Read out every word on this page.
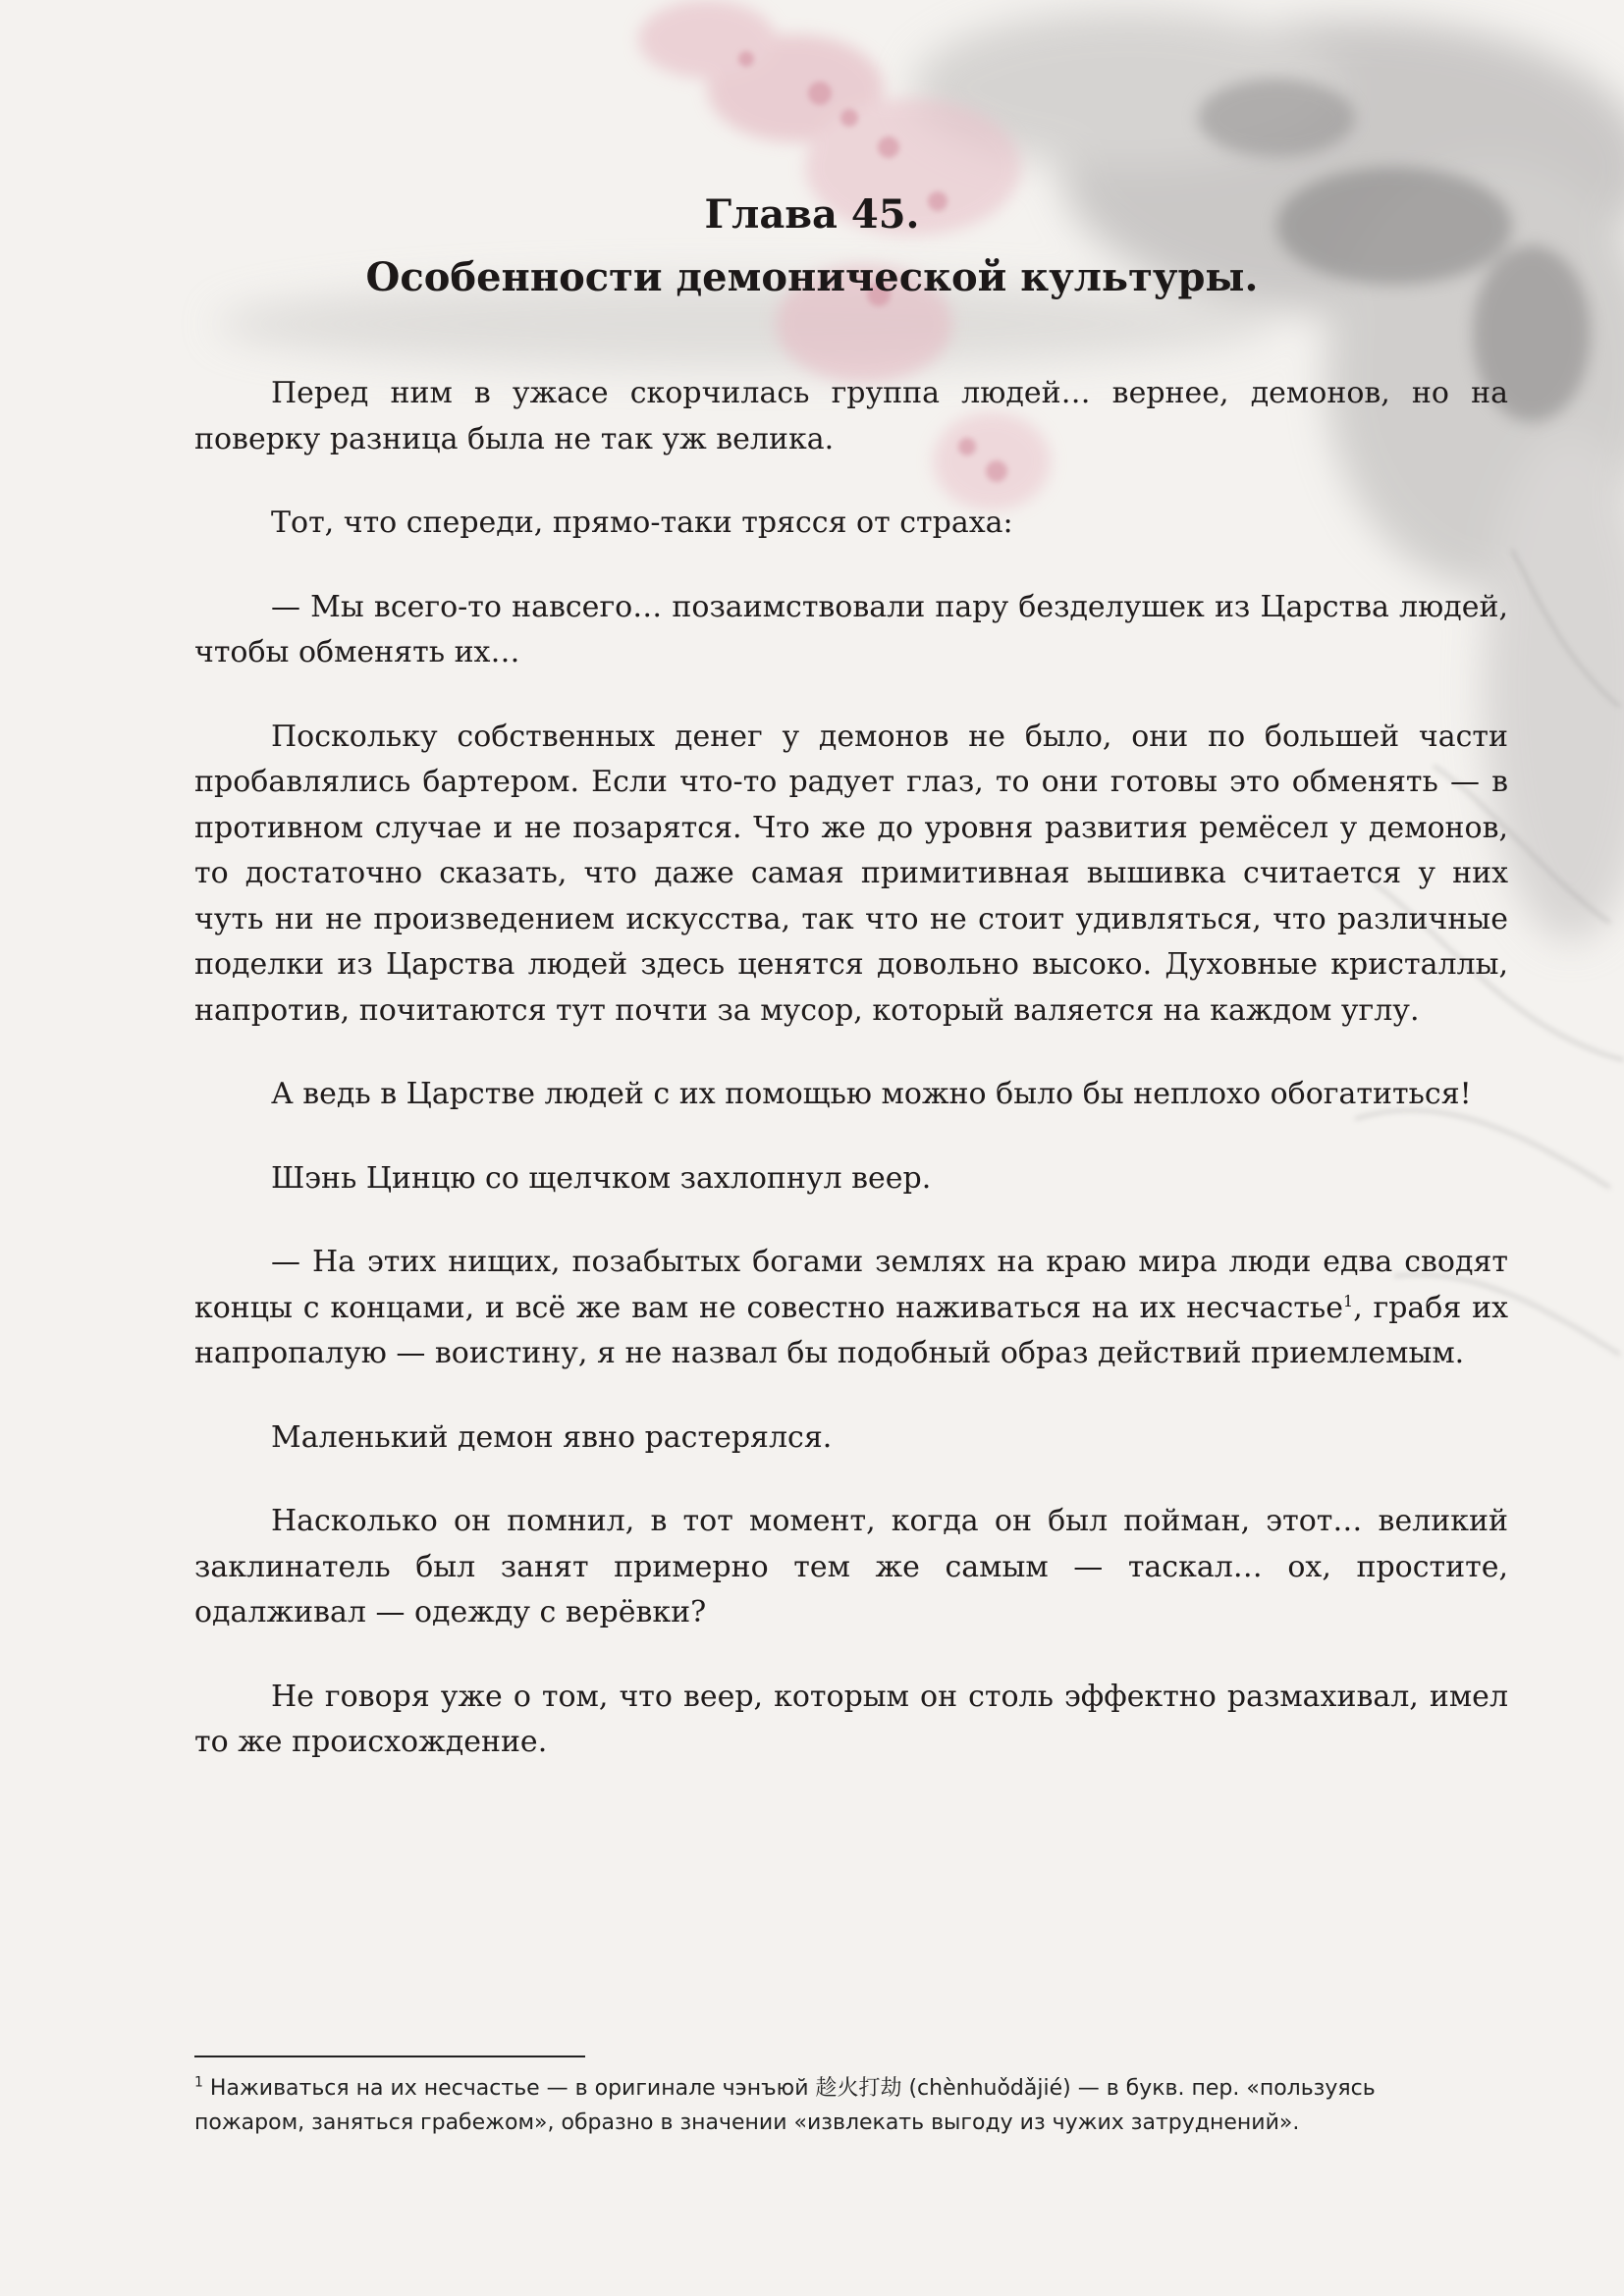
Глава 45.
Особенности демонической культуры.

Перед ним в ужасе скорчилась группа людей… вернее, демонов, но на поверку разница была не так уж велика.

Тот, что спереди, прямо-таки трясся от страха:

— Мы всего-то навсего… позаимствовали пару безделушек из Царства людей, чтобы обменять их…

Поскольку собственных денег у демонов не было, они по большей части пробавлялись бартером. Если что-то радует глаз, то они готовы это обменять — в противном случае и не позарятся. Что же до уровня развития ремёсел у демонов, то достаточно сказать, что даже самая примитивная вышивка считается у них чуть ни не произведением искусства, так что не стоит удивляться, что различные поделки из Царства людей здесь ценятся довольно высоко. Духовные кристаллы, напротив, почитаются тут почти за мусор, который валяется на каждом углу.

А ведь в Царстве людей с их помощью можно было бы неплохо обогатиться!

Шэнь Цинцю со щелчком захлопнул веер.

— На этих нищих, позабытых богами землях на краю мира люди едва сводят концы с концами, и всё же вам не совестно наживаться на их несчастье$^1$, грабя их напропалую — воистину, я не назвал бы подобный образ действий приемлемым.

Маленький демон явно растерялся.

Насколько он помнил, в тот момент, когда он был пойман, этот… великий заклинатель был занят примерно тем же самым — таскал… ох, простите, одалживал — одежду с верёвки?

Не говоря уже о том, что веер, которым он столь эффектно размахивал, имел то же происхождение.

$^1$ Наживаться на их несчастье — в оригинале чэнъюй 趁火打劫 (chènhuǒdǎjié) — в букв. пер. «пользуясь пожаром, заняться грабежом», образно в значении «извлекать выгоду из чужих затруднений».
